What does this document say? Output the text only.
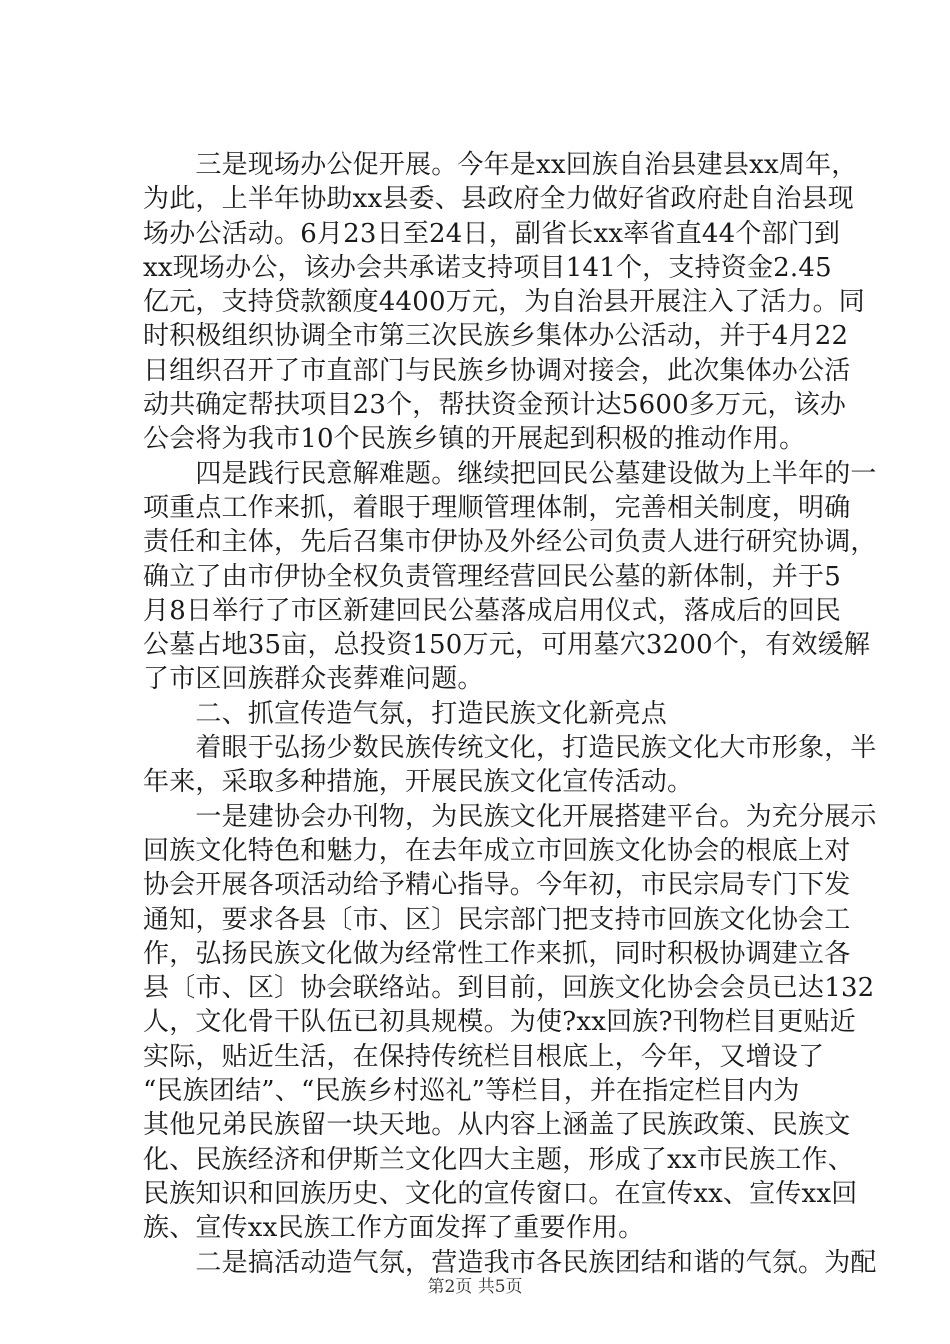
　　三是现场办公促开展。今年是xx回族自治县建县xx周年，
为此，上半年协助xx县委、县政府全力做好省政府赴自治县现
场办公活动。6月23日至24日，副省长xx率省直44个部门到
xx现场办公，该办会共承诺支持项目141个，支持资金2.45
亿元，支持贷款额度4400万元，为自治县开展注入了活力。同
时积极组织协调全市第三次民族乡集体办公活动，并于4月22
日组织召开了市直部门与民族乡协调对接会，此次集体办公活
动共确定帮扶项目23个，帮扶资金预计达5600多万元，该办
公会将为我市10个民族乡镇的开展起到积极的推动作用。
　　四是践行民意解难题。继续把回民公墓建设做为上半年的一
项重点工作来抓，着眼于理顺管理体制，完善相关制度，明确
责任和主体，先后召集市伊协及外经公司负责人进行研究协调，
确立了由市伊协全权负责管理经营回民公墓的新体制，并于5
月8日举行了市区新建回民公墓落成启用仪式，落成后的回民
公墓占地35亩，总投资150万元，可用墓穴3200个，有效缓解
了市区回族群众丧葬难问题。
　　二、抓宣传造气氛，打造民族文化新亮点
　　着眼于弘扬少数民族传统文化，打造民族文化大市形象，半
年来，采取多种措施，开展民族文化宣传活动。
　　一是建协会办刊物，为民族文化开展搭建平台。为充分展示
回族文化特色和魅力，在去年成立市回族文化协会的根底上对
协会开展各项活动给予精心指导。今年初，市民宗局专门下发
通知，要求各县〔市、区〕民宗部门把支持市回族文化协会工
作，弘扬民族文化做为经常性工作来抓，同时积极协调建立各
县〔市、区〕协会联络站。到目前，回族文化协会会员已达132
人，文化骨干队伍已初具规模。为使?xx回族?刊物栏目更贴近
实际，贴近生活，在保持传统栏目根底上，今年，又增设了
“民族团结”、“民族乡村巡礼”等栏目，并在指定栏目内为
其他兄弟民族留一块天地。从内容上涵盖了民族政策、民族文
化、民族经济和伊斯兰文化四大主题，形成了xx市民族工作、
民族知识和回族历史、文化的宣传窗口。在宣传xx、宣传xx回
族、宣传xx民族工作方面发挥了重要作用。
　　二是搞活动造气氛，营造我市各民族团结和谐的气氛。为配
第2页 共5页
